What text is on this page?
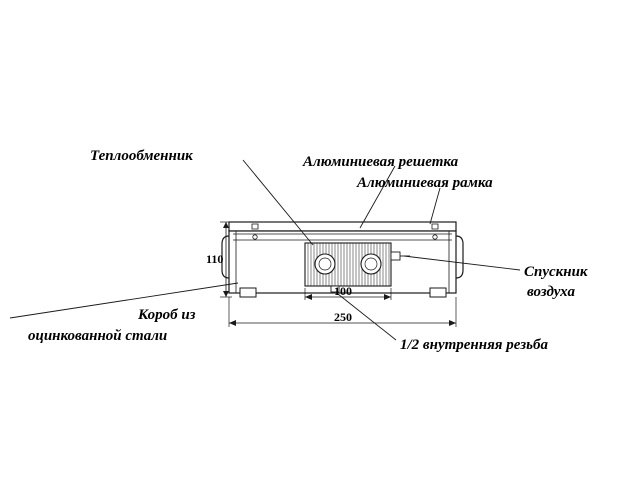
Теплообменник	Алюминиевая решетка
Алюминиевая рамка
Спускник
воздуха
Короб из
оцинкованной стали
1/2 внутренняя резьба
110
100
250
